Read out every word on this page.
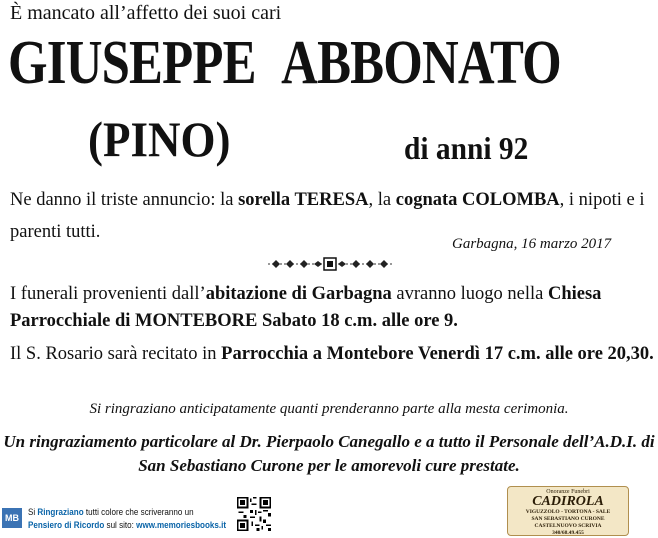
È mancato all’affetto dei suoi cari
GIUSEPPE ABBONATO
(PINO)	di anni 92
Ne danno il triste annuncio: la sorella TERESA, la cognata COLOMBA, i nipoti e i parenti tutti.
Garbagna, 16 marzo 2017
I funerali provenienti dall’abitazione di Garbagna avranno luogo nella Chiesa Parrocchiale di MONTEBORE Sabato 18 c.m. alle ore 9.
Il S. Rosario sarà recitato in Parrocchia a Montebore Venerdì 17 c.m. alle ore 20,30.
Si ringraziano anticipatamente quanti prenderanno parte alla mesta cerimonia.
Un ringraziamento particolare al Dr. Pierpaolo Canegallo e a tutto il Personale dell’A.D.I. di San Sebastiano Curone per le amorevoli cure prestate.
MB Si Ringraziano tutti colore che scriveranno un
Pensiero di Ricordo sul sito: www.memoriesbooks.it
Onoranze Funebri
CADIROLA
VIGUZZOLO - TORTONA - SALE
SAN SEBASTIANO CURONE
CASTELNUOVO SCRIVIA
340/68.49.455
